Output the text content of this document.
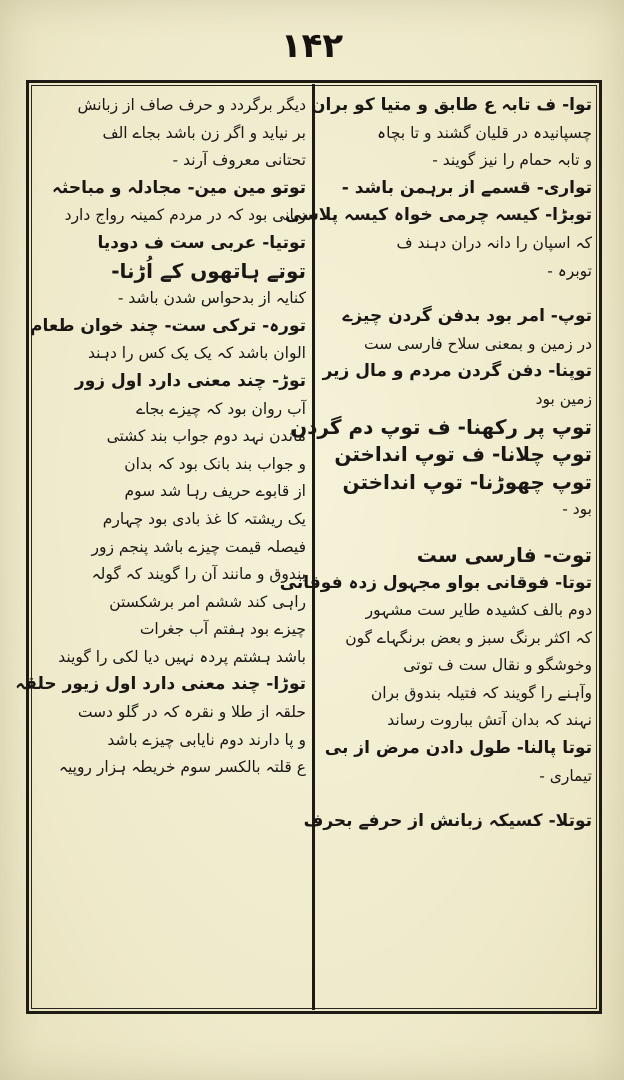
۱۴۲
توا- ف تابہ ع طابق و متیا کو بران
چسپانیدہ در قلیان گشند و تا بچاہ
و تابہ حمام را نیز گویند -
تواری- قسمے از برہمن باشد -
توبڑا- کیسہ چرمی خواہ کیسہ پلاسی
کہ اسپان را دانہ دران دہند ف
توبرہ -
توپ- امر بود بدفن گردن چیزے
در زمین و بمعنی سلاح فارسی ست
توپنا- دفن گردن مردم و مال زیر
زمین بود
توپ پر رکھنا- ف توپ دم گردن
توپ چلانا- ف توپ انداختن
توپ چھوڑنا- توپ انداختن
بود -
توت- فارسی ست
توتا- فوقانی بواو مجہول زدہ فوقانی
دوم بالف کشیدہ طایر ست مشہور
کہ اکثر برنگ سبز و بعض برنگہاے گون
وخوشگو و نقال ست ف توتی
وآہنے را گویند کہ فتیلہ بندوق بران
نہند کہ بدان آتش بباروت رساند
توتا پالنا- طول دادن مرض از بی
تیماری -
توتلا- کسیکہ زبانش از حرفے بحرف
دیگر برگردد و حرف صاف از زبانش
بر نیاید و اگر زن باشد بجاے الف
تحتانی معروف آرند -
توتو مین مین- مجادلہ و مباحثہ
زبانی بود کہ در مردم کمینہ رواج دارد
توتیا- عربی ست ف دودیا
توتے ہاتھوں کے اُڑنا-
کنایہ از بدحواس شدن باشد -
تورہ- ترکی ست- چند خوان طعام
الوان باشد کہ یک یک کس را دہند
توڑ- چند معنی دارد اول زور
آب روان بود کہ چیزے بجاے
ماندن نہد دوم جواب بند کشتی
و جواب بند بانک بود کہ بدان
از قابوے حریف رہا شد سوم
یک ریشتہ کا غذ بادی بود چہارم
فیصلہ قیمت چیزے باشد پنجم زور
بندوق و مانند آن را گویند کہ گولہ
راہی کند ششم امر برشکستن
چیزے بود ہفتم آب جغرات
باشد ہشتم پردہ نہیں دیا لکی را گویند
توڑا- چند معنی دارد اول زیور حلقہ
حلقہ از طلا و نقرہ کہ در گلو دست
و پا دارند دوم نایابی چیزے باشد
ع قلتہ بالکسر سوم خریطہ ہزار روپیہ
